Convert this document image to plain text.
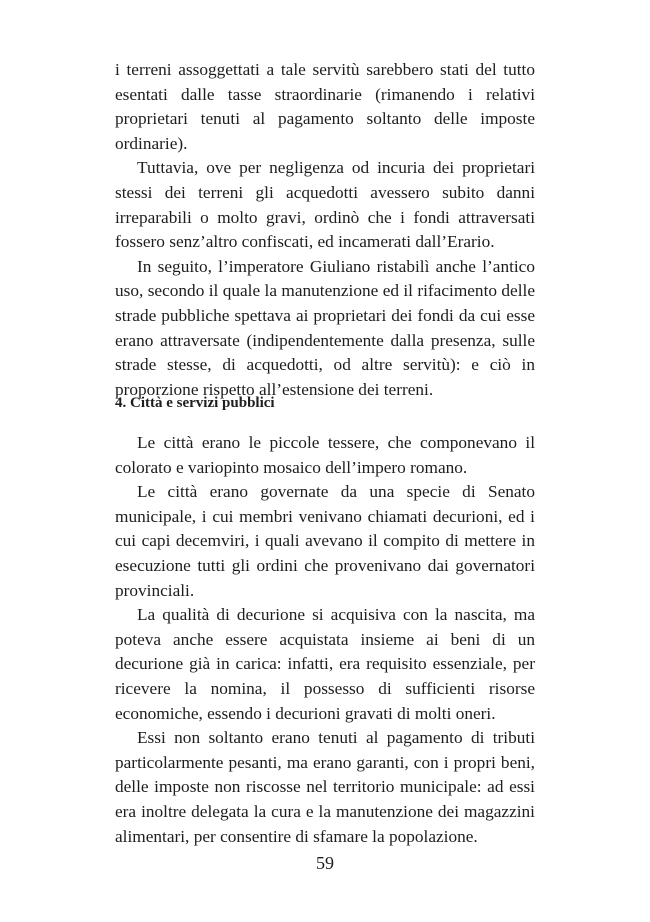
i terreni assoggettati a tale servitù sarebbero stati del tutto esentati dalle tasse straordinarie (rimanendo i relativi proprietari tenuti al pagamento soltanto delle imposte ordinarie).

Tuttavia, ove per negligenza od incuria dei proprietari stessi dei terreni gli acquedotti avessero subito danni irreparabili o molto gravi, ordinò che i fondi attraversati fossero senz’altro confiscati, ed incamerati dall’Erario.

In seguito, l’imperatore Giuliano ristabilì anche l’antico uso, secondo il quale la manutenzione ed il rifacimento delle strade pubbliche spettava ai proprietari dei fondi da cui esse erano attraversate (indipendentemente dalla presenza, sulle strade stesse, di acquedotti, od altre servitù): e ciò in proporzione rispetto all’estensione dei terreni.

4. Città e servizi pubblici

Le città erano le piccole tessere, che componevano il colorato e variopinto mosaico dell’impero romano.

Le città erano governate da una specie di Senato municipale, i cui membri venivano chiamati decurioni, ed i cui capi decemviri, i quali avevano il compito di mettere in esecuzione tutti gli ordini che provenivano dai governatori provinciali.

La qualità di decurione si acquisiva con la nascita, ma poteva anche essere acquistata insieme ai beni di un decurione già in carica: infatti, era requisito essenziale, per ricevere la nomina, il possesso di sufficienti risorse economiche, essendo i decurioni gravati di molti oneri.

Essi non soltanto erano tenuti al pagamento di tributi particolarmente pesanti, ma erano garanti, con i propri beni, delle imposte non riscosse nel territorio municipale: ad essi era inoltre delegata la cura e la manutenzione dei magazzini alimentari, per consentire di sfamare la popolazione.

59
